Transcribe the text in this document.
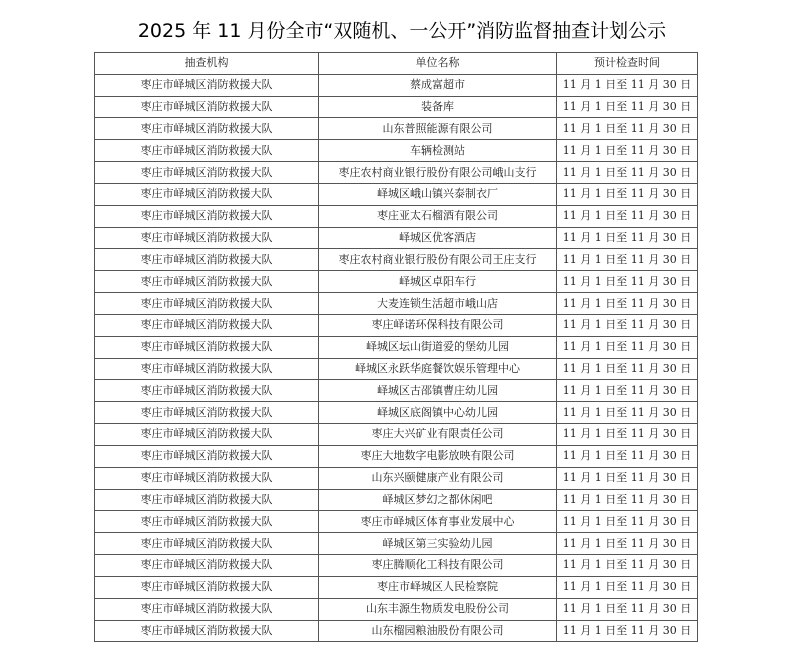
2025 年 11 月份全市“双随机、一公开”消防监督抽查计划公示
抽查机构	单位名称	预计检查时间
枣庄市峄城区消防救援大队	蔡成富超市	11 月 1 日至 11 月 30 日
枣庄市峄城区消防救援大队	装备库	11 月 1 日至 11 月 30 日
枣庄市峄城区消防救援大队	山东普照能源有限公司	11 月 1 日至 11 月 30 日
枣庄市峄城区消防救援大队	车辆检测站	11 月 1 日至 11 月 30 日
枣庄市峄城区消防救援大队	枣庄农村商业银行股份有限公司峨山支行	11 月 1 日至 11 月 30 日
枣庄市峄城区消防救援大队	峄城区峨山镇兴泰制衣厂	11 月 1 日至 11 月 30 日
枣庄市峄城区消防救援大队	枣庄亚太石榴酒有限公司	11 月 1 日至 11 月 30 日
枣庄市峄城区消防救援大队	峄城区优客酒店	11 月 1 日至 11 月 30 日
枣庄市峄城区消防救援大队	枣庄农村商业银行股份有限公司王庄支行	11 月 1 日至 11 月 30 日
枣庄市峄城区消防救援大队	峄城区卓阳车行	11 月 1 日至 11 月 30 日
枣庄市峄城区消防救援大队	大麦连锁生活超市峨山店	11 月 1 日至 11 月 30 日
枣庄市峄城区消防救援大队	枣庄峄诺环保科技有限公司	11 月 1 日至 11 月 30 日
枣庄市峄城区消防救援大队	峄城区坛山街道爱的堡幼儿园	11 月 1 日至 11 月 30 日
枣庄市峄城区消防救援大队	峄城区永跃华庭餐饮娱乐管理中心	11 月 1 日至 11 月 30 日
枣庄市峄城区消防救援大队	峄城区古邵镇曹庄幼儿园	11 月 1 日至 11 月 30 日
枣庄市峄城区消防救援大队	峄城区底阁镇中心幼儿园	11 月 1 日至 11 月 30 日
枣庄市峄城区消防救援大队	枣庄大兴矿业有限责任公司	11 月 1 日至 11 月 30 日
枣庄市峄城区消防救援大队	枣庄大地数字电影放映有限公司	11 月 1 日至 11 月 30 日
枣庄市峄城区消防救援大队	山东兴颐健康产业有限公司	11 月 1 日至 11 月 30 日
枣庄市峄城区消防救援大队	峄城区梦幻之都休闲吧	11 月 1 日至 11 月 30 日
枣庄市峄城区消防救援大队	枣庄市峄城区体育事业发展中心	11 月 1 日至 11 月 30 日
枣庄市峄城区消防救援大队	峄城区第三实验幼儿园	11 月 1 日至 11 月 30 日
枣庄市峄城区消防救援大队	枣庄腾顺化工科技有限公司	11 月 1 日至 11 月 30 日
枣庄市峄城区消防救援大队	枣庄市峄城区人民检察院	11 月 1 日至 11 月 30 日
枣庄市峄城区消防救援大队	山东丰源生物质发电股份公司	11 月 1 日至 11 月 30 日
枣庄市峄城区消防救援大队	山东榴园粮油股份有限公司	11 月 1 日至 11 月 30 日
